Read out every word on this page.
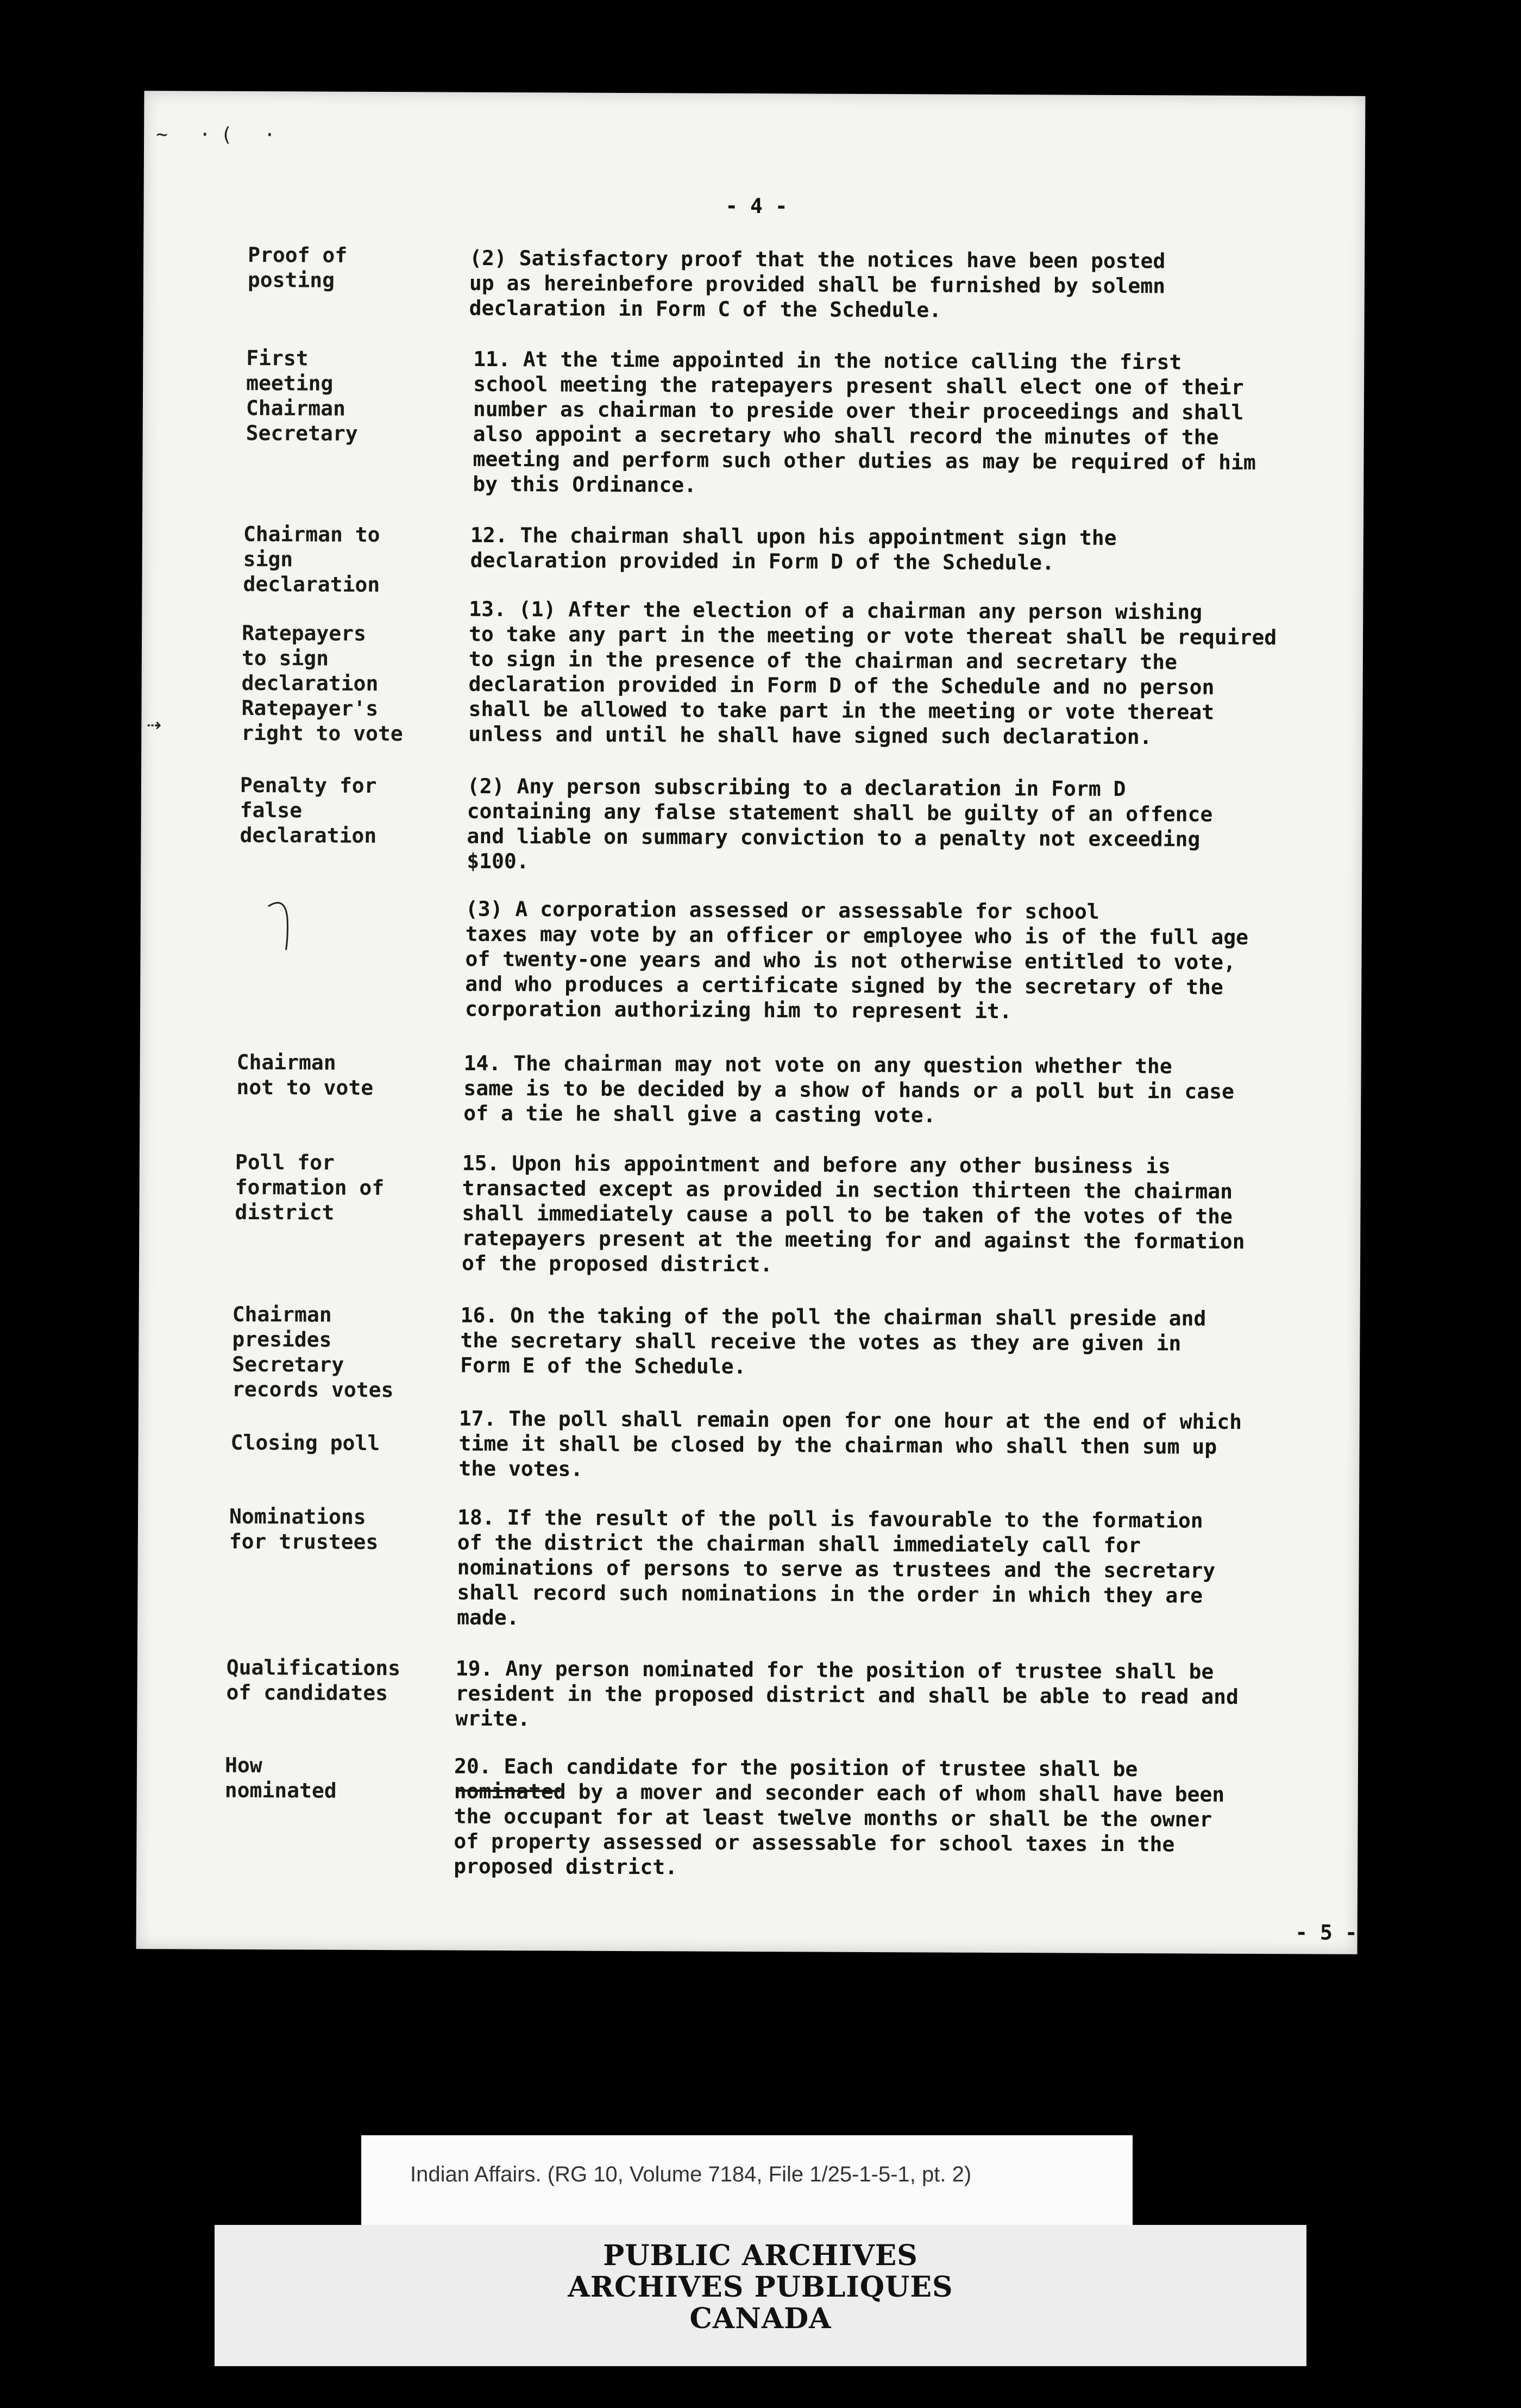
~ ·( ·
- 4 -
Proof of
posting
(2) Satisfactory proof that the notices have been posted
up as hereinbefore provided shall be furnished by solemn
declaration in Form C of the Schedule.
First
meeting
Chairman
Secretary
11. At the time appointed in the notice calling the first
school meeting the ratepayers present shall elect one of their
number as chairman to preside over their proceedings and shall
also appoint a secretary who shall record the minutes of the
meeting and perform such other duties as may be required of him
by this Ordinance.
Chairman to
sign
declaration
12. The chairman shall upon his appointment sign the
declaration provided in Form D of the Schedule.
Ratepayers
to sign
declaration
Ratepayer's
right to vote
⇢
13. (1) After the election of a chairman any person wishing
to take any part in the meeting or vote thereat shall be required
to sign in the presence of the chairman and secretary the
declaration provided in Form D of the Schedule and no person
shall be allowed to take part in the meeting or vote thereat
unless and until he shall have signed such declaration.
Penalty for
false
declaration
(2) Any person subscribing to a declaration in Form D
containing any false statement shall be guilty of an offence
and liable on summary conviction to a penalty not exceeding
$100.
(3) A corporation assessed or assessable for school
taxes may vote by an officer or employee who is of the full age
of twenty-one years and who is not otherwise entitled to vote,
and who produces a certificate signed by the secretary of the
corporation authorizing him to represent it.
Chairman
not to vote
14. The chairman may not vote on any question whether the
same is to be decided by a show of hands or a poll but in case
of a tie he shall give a casting vote.
Poll for
formation of
district
15. Upon his appointment and before any other business is
transacted except as provided in section thirteen the chairman
shall immediately cause a poll to be taken of the votes of the
ratepayers present at the meeting for and against the formation
of the proposed district.
Chairman
presides
Secretary
records votes
16. On the taking of the poll the chairman shall preside and
the secretary shall receive the votes as they are given in
Form E of the Schedule.
Closing poll
17. The poll shall remain open for one hour at the end of which
time it shall be closed by the chairman who shall then sum up
the votes.
Nominations
for trustees
18. If the result of the poll is favourable to the formation
of the district the chairman shall immediately call for
nominations of persons to serve as trustees and the secretary
shall record such nominations in the order in which they are
made.
Qualifications
of candidates
19. Any person nominated for the position of trustee shall be
resident in the proposed district and shall be able to read and
write.
How
nominated
20. Each candidate for the position of trustee shall be
nominated by a mover and seconder each of whom shall have been
the occupant for at least twelve months or shall be the owner
of property assessed or assessable for school taxes in the
proposed district.
- 5 -
Indian Affairs. (RG 10, Volume 7184, File 1/25-1-5-1, pt. 2)
PUBLIC ARCHIVES
ARCHIVES PUBLIQUES
CANADA
